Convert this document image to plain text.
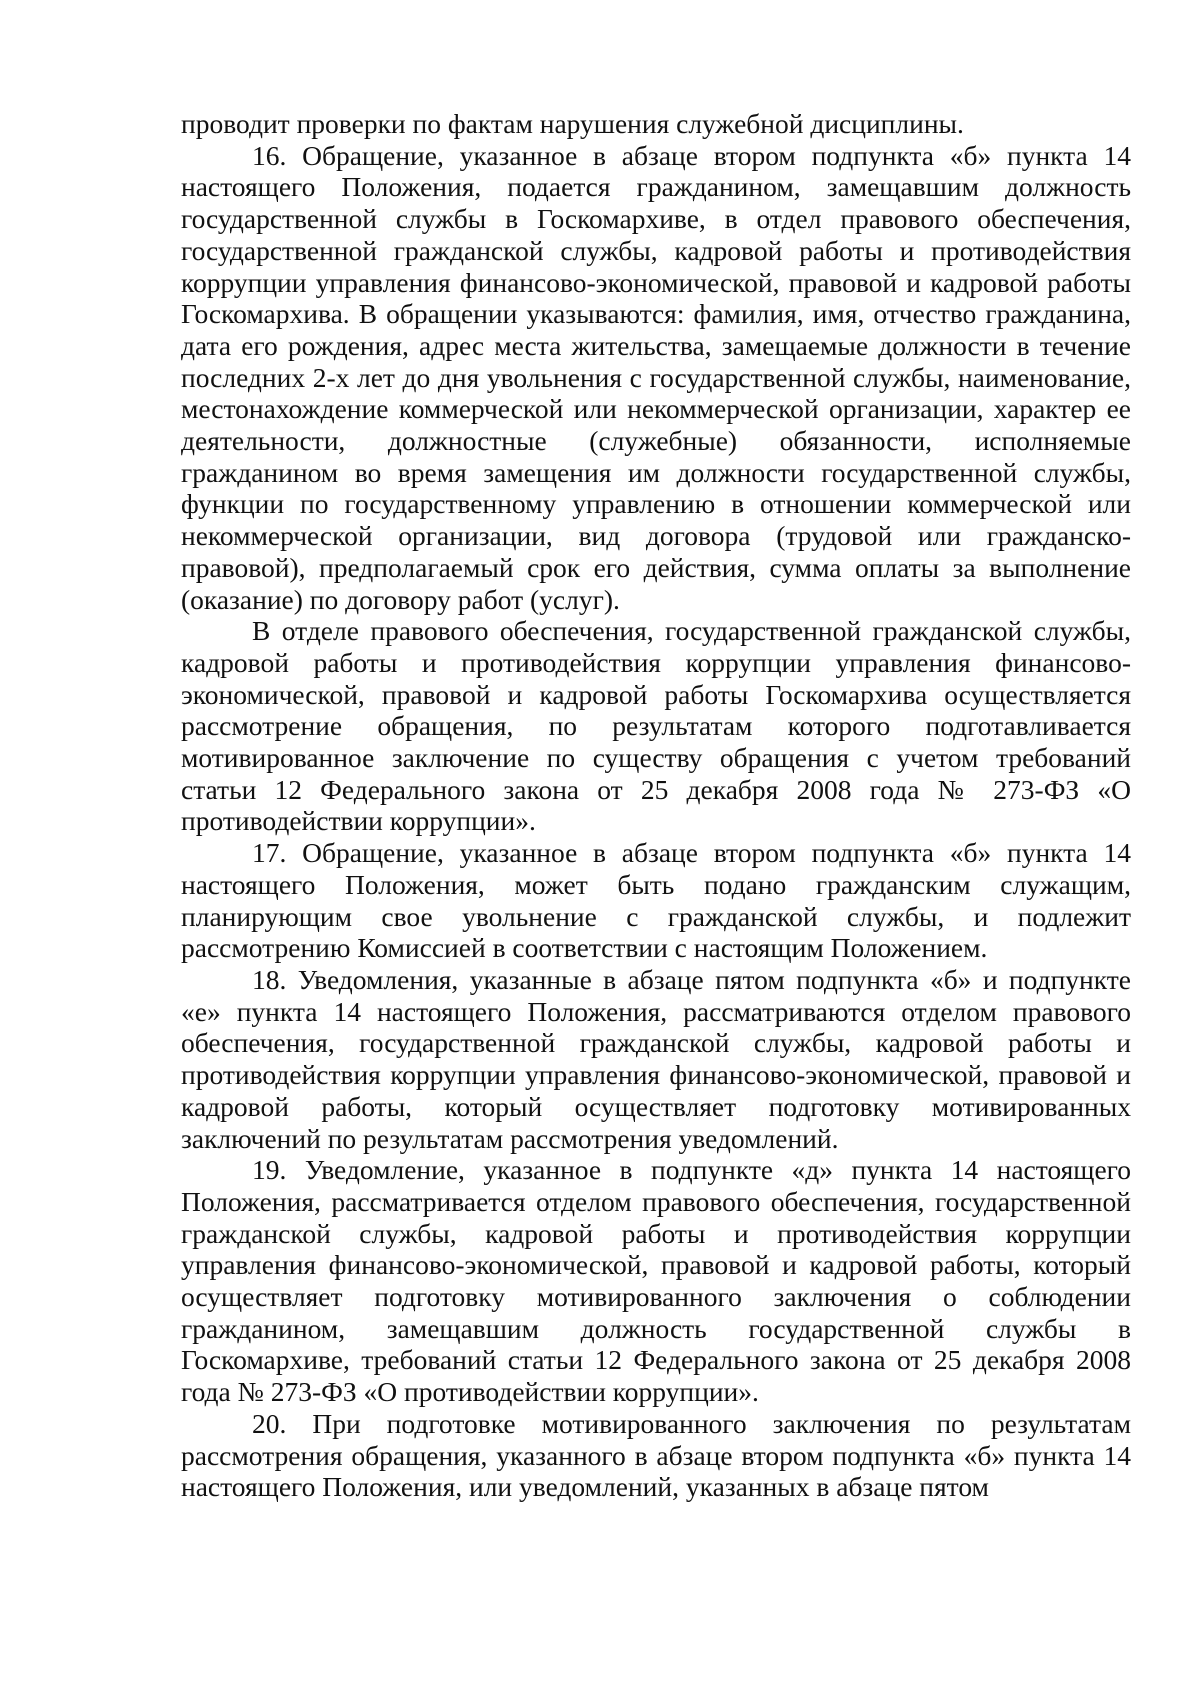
проводит проверки по фактам нарушения служебной дисциплины.

16. Обращение, указанное в абзаце втором подпункта «б» пункта 14 настоящего Положения, подается гражданином, замещавшим должность государственной службы в Госкомархиве, в отдел правового обеспечения, государственной гражданской службы, кадровой работы и противодействия коррупции управления финансово-экономической, правовой и кадровой работы Госкомархива. В обращении указываются: фамилия, имя, отчество гражданина, дата его рождения, адрес места жительства, замещаемые должности в течение последних 2-х лет до дня увольнения с государственной службы, наименование, местонахождение коммерческой или некоммерческой организации, характер ее деятельности, должностные (служебные) обязанности, исполняемые гражданином во время замещения им должности государственной службы, функции по государственному управлению в отношении коммерческой или некоммерческой организации, вид договора (трудовой или гражданско-правовой), предполагаемый срок его действия, сумма оплаты за выполнение (оказание) по договору работ (услуг).

В отделе правового обеспечения, государственной гражданской службы, кадровой работы и противодействия коррупции управления финансово-экономической, правовой и кадровой работы Госкомархива осуществляется рассмотрение обращения, по результатам которого подготавливается мотивированное заключение по существу обращения с учетом требований статьи 12 Федерального закона от 25 декабря 2008 года № 273-ФЗ «О противодействии коррупции».

17. Обращение, указанное в абзаце втором подпункта «б» пункта 14 настоящего Положения, может быть подано гражданским служащим, планирующим свое увольнение с гражданской службы, и подлежит рассмотрению Комиссией в соответствии с настоящим Положением.

18. Уведомления, указанные в абзаце пятом подпункта «б» и подпункте «е» пункта 14 настоящего Положения, рассматриваются отделом правового обеспечения, государственной гражданской службы, кадровой работы и противодействия коррупции управления финансово-экономической, правовой и кадровой работы, который осуществляет подготовку мотивированных заключений по результатам рассмотрения уведомлений.

19. Уведомление, указанное в подпункте «д» пункта 14 настоящего Положения, рассматривается отделом правового обеспечения, государственной гражданской службы, кадровой работы и противодействия коррупции управления финансово-экономической, правовой и кадровой работы, который осуществляет подготовку мотивированного заключения о соблюдении гражданином, замещавшим должность государственной службы в Госкомархиве, требований статьи 12 Федерального закона от 25 декабря 2008 года № 273-ФЗ «О противодействии коррупции».

20. При подготовке мотивированного заключения по результатам рассмотрения обращения, указанного в абзаце втором подпункта «б» пункта 14 настоящего Положения, или уведомлений, указанных в абзаце пятом
